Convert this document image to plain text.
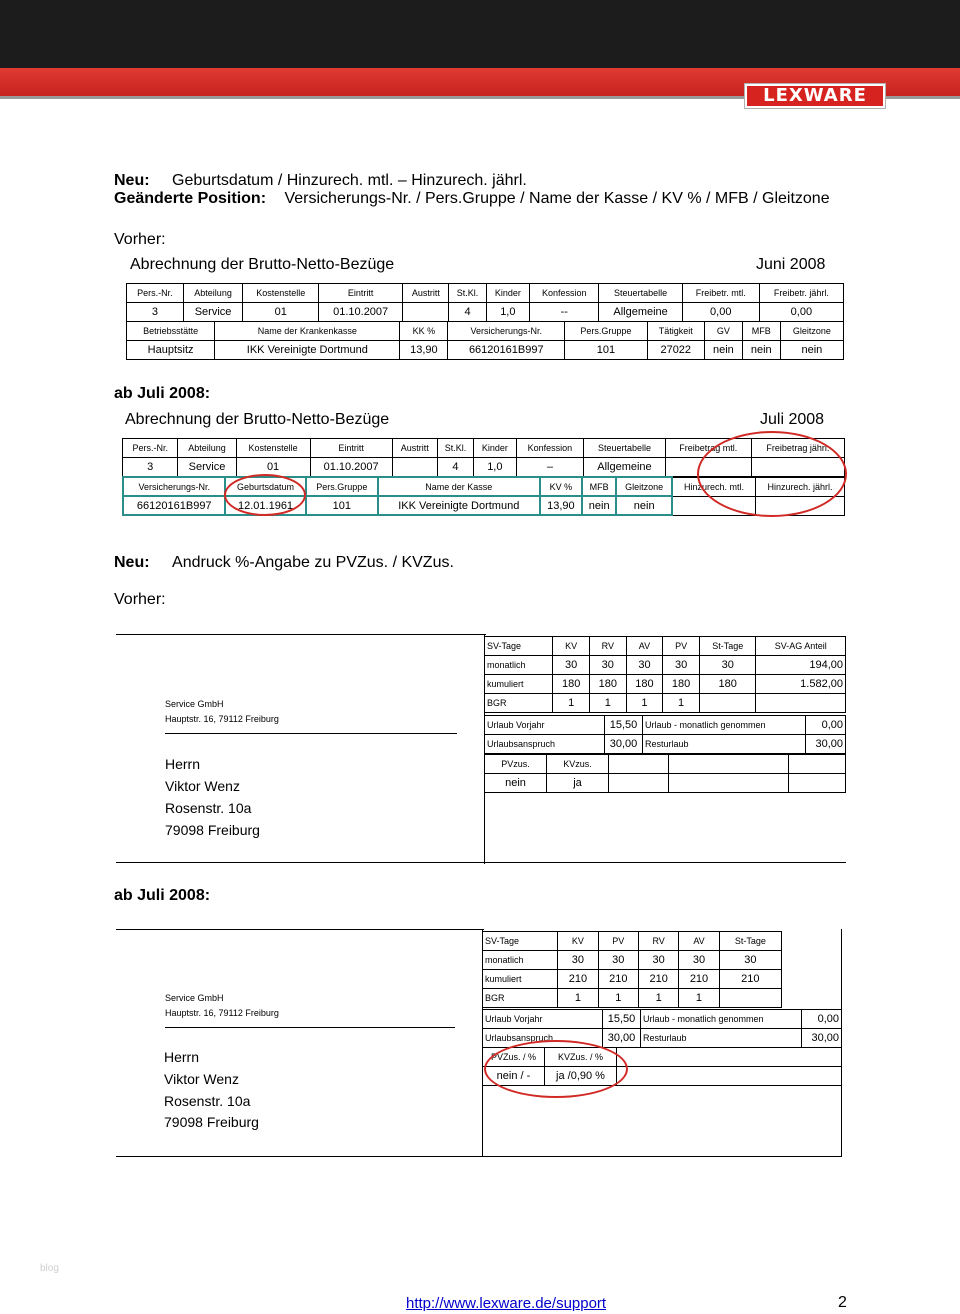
LEXWARE
Neu: Geburtsdatum / Hinzurech. mtl. – Hinzurech. jährl.
Geänderte Position: Versicherungs-Nr. / Pers.Gruppe / Name der Kasse / KV % / MFB / Gleitzone
Vorher:
Abrechnung der Brutto-Netto-Bezüge	Juni 2008
Pers.-Nr.	Abteilung	Kostenstelle	Eintritt	Austritt	St.Kl.	Kinder	Konfession	Steuertabelle	Freibetr. mtl.	Freibetr. jährl.
3	Service	01	01.10.2007		4	1,0	--	Allgemeine	0,00	0,00
Betriebsstätte	Name der Krankenkasse	KK %	Versicherungs-Nr.	Pers.Gruppe	Tätigkeit	GV	MFB	Gleitzone
Hauptsitz	IKK Vereinigte Dortmund	13,90	66120161B997	101	27022	nein	nein	nein
ab Juli 2008:
Abrechnung der Brutto-Netto-Bezüge	Juli 2008
Pers.-Nr.	Abteilung	Kostenstelle	Eintritt	Austritt	St.Kl.	Kinder	Konfession	Steuertabelle	Freibetrag mtl.	Freibetrag jährl.
3	Service	01	01.10.2007		4	1,0	–	Allgemeine		
Versicherungs-Nr.	Geburtsdatum	Pers.Gruppe	Name der Kasse	KV %	MFB	Gleitzone	Hinzurech. mtl.	Hinzurech. jährl.
66120161B997	12.01.1961	101	IKK Vereinigte Dortmund	13,90	nein	nein		
Neu: Andruck %-Angabe zu PVZus. / KVZus.
Vorher:
Service GmbH
Hauptstr. 16, 79112 Freiburg
Herrn
Viktor Wenz
Rosenstr. 10a
79098 Freiburg
SV-Tage	KV	RV	AV	PV	St-Tage	SV-AG Anteil
monatlich	30	30	30	30	30	194,00
kumuliert	180	180	180	180	180	1.582,00
BGR	1	1	1	1		
Urlaub Vorjahr	15,50	Urlaub - monatlich genommen	0,00
Urlaubsanspruch	30,00	Resturlaub	30,00
PVzus.	KVzus.			
nein	ja			
ab Juli 2008:
Service GmbH
Hauptstr. 16, 79112 Freiburg
Herrn
Viktor Wenz
Rosenstr. 10a
79098 Freiburg
SV-Tage	KV	PV	RV	AV	St-Tage
monatlich	30	30	30	30	30
kumuliert	210	210	210	210	210
BGR	1	1	1	1	
Urlaub Vorjahr	15,50	Urlaub - monatlich genommen	0,00
Urlaubsanspruch	30,00	Resturlaub	30,00
PVZus. / %	KVZus. / %	
nein / -	ja /0,90 %	
blog
http://www.lexware.de/support	2
